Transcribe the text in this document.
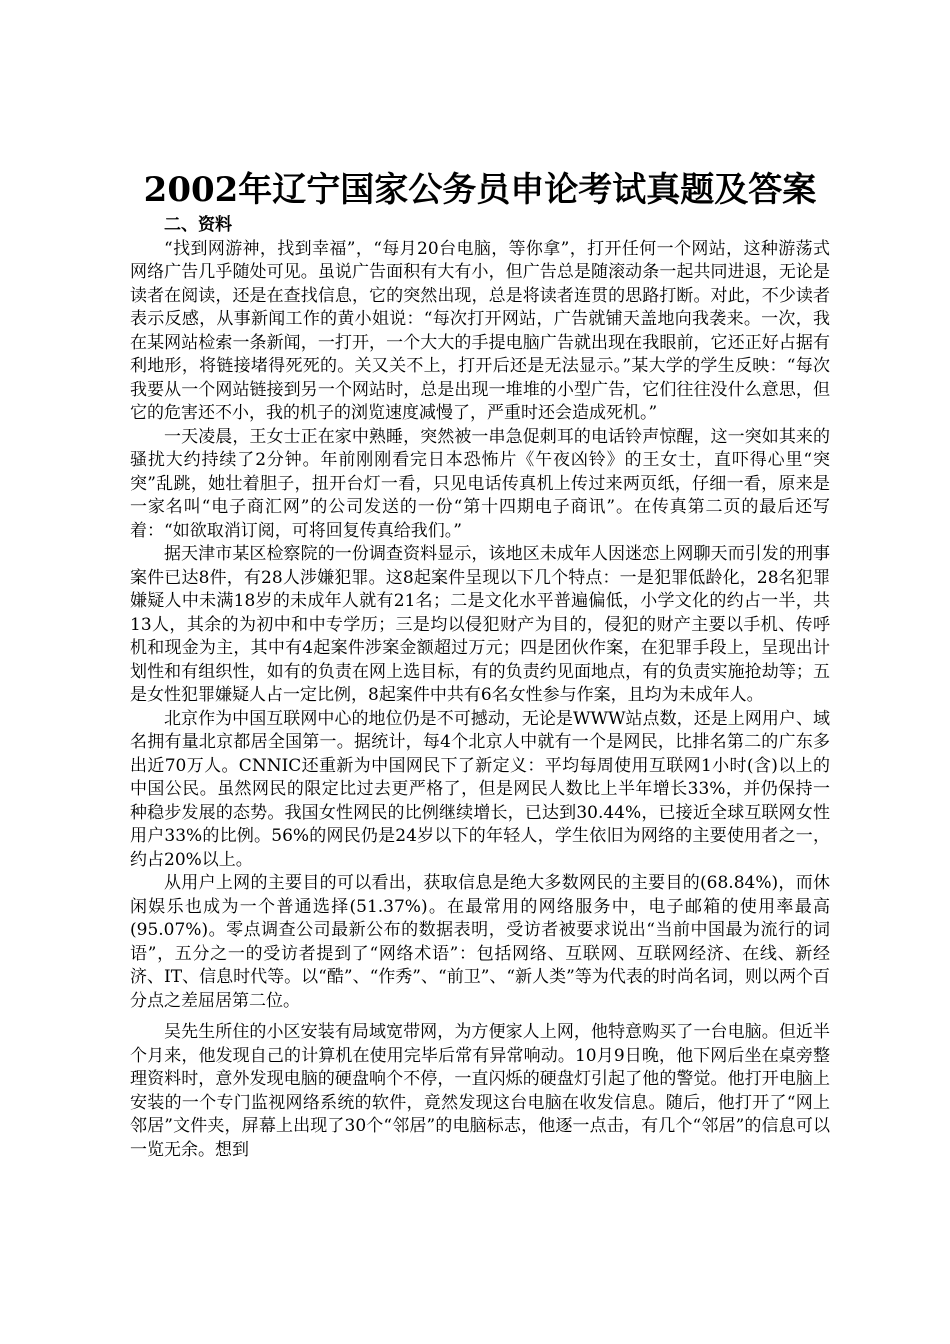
2002年辽宁国家公务员申论考试真题及答案
二、资料

“找到网游神，找到幸福”，“每月20台电脑，等你拿”，打开任何一个网站，这种游荡式网络广告几乎随处可见。虽说广告面积有大有小，但广告总是随滚动条一起共同进退，无论是读者在阅读，还是在查找信息，它的突然出现，总是将读者连贯的思路打断。对此，不少读者表示反感，从事新闻工作的黄小姐说：“每次打开网站，广告就铺天盖地向我袭来。一次，我在某网站检索一条新闻，一打开，一个大大的手提电脑广告就出现在我眼前，它还正好占据有利地形，将链接堵得死死的。关又关不上，打开后还是无法显示。”某大学的学生反映：“每次我要从一个网站链接到另一个网站时，总是出现一堆堆的小型广告，它们往往没什么意思，但它的危害还不小，我的机子的浏览速度减慢了，严重时还会造成死机。”

一天凌晨，王女士正在家中熟睡，突然被一串急促刺耳的电话铃声惊醒，这一突如其来的骚扰大约持续了2分钟。年前刚刚看完日本恐怖片《午夜凶铃》的王女士，直吓得心里“突突”乱跳，她壮着胆子，扭开台灯一看，只见电话传真机上传过来两页纸，仔细一看，原来是一家名叫“电子商汇网”的公司发送的一份“第十四期电子商讯”。在传真第二页的最后还写着：“如欲取消订阅，可将回复传真给我们。”

据天津市某区检察院的一份调查资料显示，该地区未成年人因迷恋上网聊天而引发的刑事案件已达8件，有28人涉嫌犯罪。这8起案件呈现以下几个特点：一是犯罪低龄化，28名犯罪嫌疑人中未满18岁的未成年人就有21名；二是文化水平普遍偏低，小学文化的约占一半，共13人，其余的为初中和中专学历；三是均以侵犯财产为目的，侵犯的财产主要以手机、传呼机和现金为主，其中有4起案件涉案金额超过万元；四是团伙作案，在犯罪手段上，呈现出计划性和有组织性，如有的负责在网上选目标，有的负责约见面地点，有的负责实施抢劫等；五是女性犯罪嫌疑人占一定比例，8起案件中共有6名女性参与作案，且均为未成年人。

北京作为中国互联网中心的地位仍是不可撼动，无论是WWW站点数，还是上网用户、域名拥有量北京都居全国第一。据统计，每4个北京人中就有一个是网民，比排名第二的广东多出近70万人。CNNIC还重新为中国网民下了新定义：平均每周使用互联网1小时(含)以上的中国公民。虽然网民的限定比过去更严格了，但是网民人数比上半年增长33%，并仍保持一种稳步发展的态势。我国女性网民的比例继续增长，已达到30.44%，已接近全球互联网女性用户33%的比例。56%的网民仍是24岁以下的年轻人，学生依旧为网络的主要使用者之一，约占20%以上。

从用户上网的主要目的可以看出，获取信息是绝大多数网民的主要目的(68.84%)，而休闲娱乐也成为一个普通选择(51.37%)。在最常用的网络服务中，电子邮箱的使用率最高(95.07%)。零点调查公司最新公布的数据表明，受访者被要求说出“当前中国最为流行的词语”，五分之一的受访者提到了“网络术语”：包括网络、互联网、互联网经济、在线、新经济、IT、信息时代等。以“酷”、“作秀”、“前卫”、“新人类”等为代表的时尚名词，则以两个百分点之差屈居第二位。

吴先生所住的小区安装有局域宽带网，为方便家人上网，他特意购买了一台电脑。但近半个月来，他发现自己的计算机在使用完毕后常有异常响动。10月9日晚，他下网后坐在桌旁整理资料时，意外发现电脑的硬盘响个不停，一直闪烁的硬盘灯引起了他的警觉。他打开电脑上安装的一个专门监视网络系统的软件，竟然发现这台电脑在收发信息。随后，他打开了“网上邻居”文件夹，屏幕上出现了30个“邻居”的电脑标志，他逐一点击，有几个“邻居”的信息可以一览无余。想到
